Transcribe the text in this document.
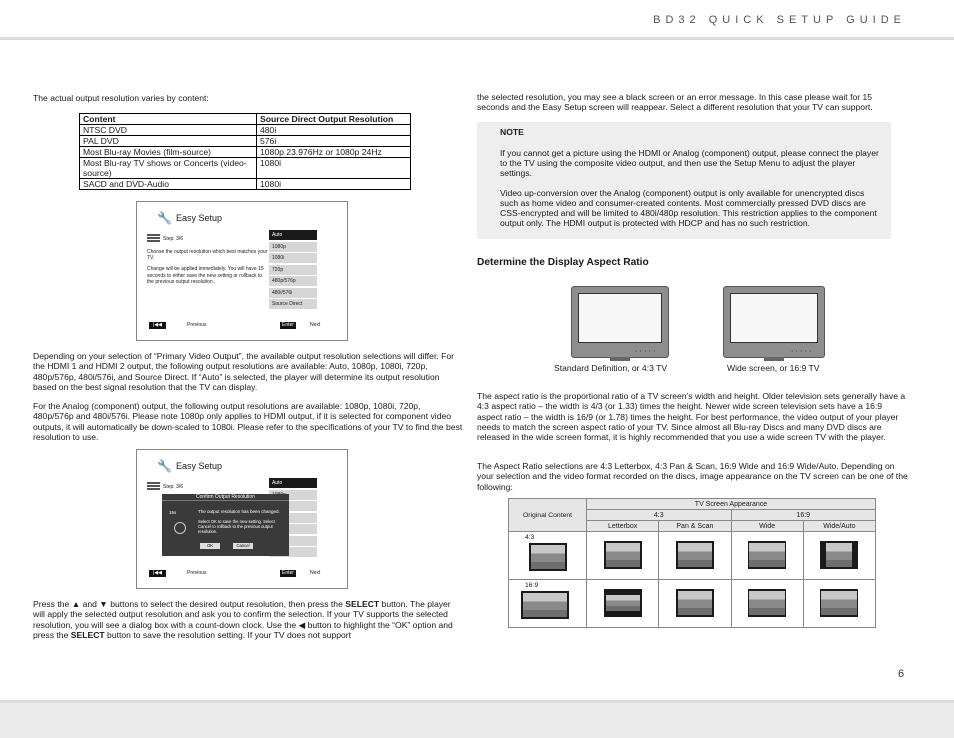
BD32 QUICK SETUP GUIDE
The actual output resolution varies by content:
Content	Source Direct Output Resolution
NTSC DVD	480i
PAL DVD	576i
Most Blu-ray Movies (film-source)	1080p 23.976Hz or 1080p 24Hz
Most Blu-ray TV shows or Concerts (video-source)	1080i
SACD and DVD-Audio	1080i
🔧 Easy Setup
Step: 3/6

Choose the output resolution which best matches your TV.

Change will be applied immediately. You will have 15 seconds to either save the new setting or rollback to the previous output resolution.

Auto
1080p
1080i
720p
480p/576p
480i/576i
Source Direct
|◀◀	Previous	Enter	Next
Depending on your selection of “Primary Video Output”, the available output resolution selections will differ. For the HDMI 1 and HDMI 2 output, the following output resolutions are available: Auto, 1080p, 1080i, 720p, 480p/576p, 480i/576i, and Source Direct. If “Auto” is selected, the player will determine its output resolution based on the best signal resolution that the TV can display.
For the Analog (component) output, the following output resolutions are available: 1080p, 1080i, 720p, 480p/576p and 480i/576i. Please note 1080p only applies to HDMI output, if it is selected for component video outputs, it will automatically be down-scaled to 1080i. Please refer to the specifications of your TV to find the best resolution to use.
🔧 Easy Setup
Step: 3/6
Auto
Confirm Output Resolution
15s	The output resolution has been changed.
Select OK to save the new setting. Select Cancel to rollback to the previous output resolution.
OK	Cancel
|◀◀	Previous	Enter	Next
Press the ▲ and ▼ buttons to select the desired output resolution, then press the SELECT button. The player will apply the selected output resolution and ask you to confirm the selection. If your TV supports the selected resolution, you will see a dialog box with a count-down clock. Use the ◀ button to highlight the “OK” option and press the SELECT button to save the resolution setting. If your TV does not support
the selected resolution, you may see a black screen or an error message. In this case please wait for 15 seconds and the Easy Setup screen will reappear. Select a different resolution that your TV can support.
NOTE

If you cannot get a picture using the HDMI or Analog (component) output, please connect the player to the TV using the composite video output, and then use the Setup Menu to adjust the player settings.

Video up-conversion over the Analog (component) output is only available for unencrypted discs such as home video and consumer-created contents. Most commercially pressed DVD discs are CSS-encrypted and will be limited to 480i/480p resolution. This restriction applies to the component output only. The HDMI output is protected with HDCP and has no such restriction.

Determine the Display Aspect Ratio
• • • • •
Standard Definition, or 4:3 TV
• • • • •
Wide screen, or 16:9 TV
The aspect ratio is the proportional ratio of a TV screen’s width and height. Older television sets generally have a 4:3 aspect ratio – the width is 4/3 (or 1.33) times the height. Newer wide screen television sets have a 16:9 aspect ratio – the width is 16/9 (or 1.78) times the height. For best performance, the video output of your player needs to match the screen aspect ratio of your TV. Since almost all Blu-ray Discs and many DVD discs are released in the wide screen format, it is highly recommended that you use a wide screen TV with the player.
The Aspect Ratio selections are 4:3 Letterbox, 4:3 Pan & Scan, 16:9 Wide and 16:9 Wide/Auto. Depending on your selection and the video format recorded on the discs, image appearance on the TV screen can be one of the following:
Original Content	TV Screen Appearance			
	4:3		16:9	
	Letterbox	Pan & Scan	Wide	Wide/Auto

4:3				

16:9				

6
